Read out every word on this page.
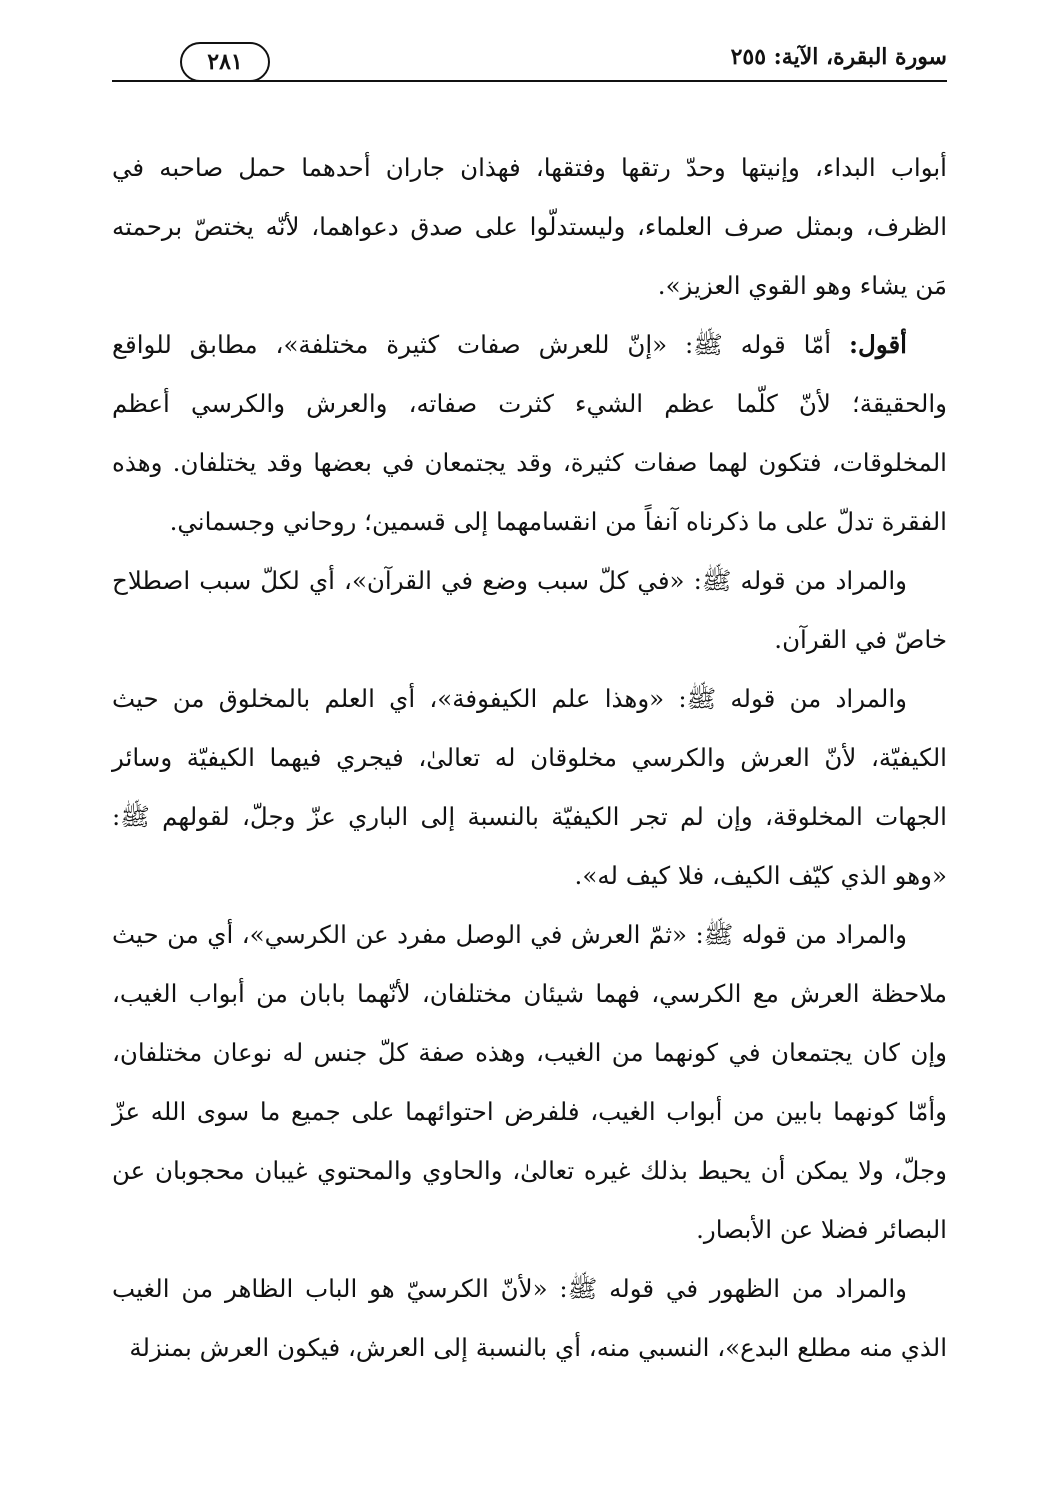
سورة البقرة، الآية: ٢٥٥
٢٨١

أبواب البداء، وإنيتها وحدّ رتقها وفتقها، فهذان جاران أحدهما حمل صاحبه في الظرف، وبمثل صرف العلماء، وليستدلّوا على صدق دعواهما، لأنّه يختصّ برحمته مَن يشاء وهو القوي العزيز».

أقول: أمّا قوله ﷺ: «إنّ للعرش صفات كثيرة مختلفة»، مطابق للواقع والحقيقة؛ لأنّ كلّما عظم الشيء كثرت صفاته، والعرش والكرسي أعظم المخلوقات، فتكون لهما صفات كثيرة، وقد يجتمعان في بعضها وقد يختلفان. وهذه الفقرة تدلّ على ما ذكرناه آنفاً من انقسامهما إلى قسمين؛ روحاني وجسماني.

والمراد من قوله ﷺ: «في كلّ سبب وضع في القرآن»، أي لكلّ سبب اصطلاح خاصّ في القرآن.

والمراد من قوله ﷺ: «وهذا علم الكيفوفة»، أي العلم بالمخلوق من حيث الكيفيّة، لأنّ العرش والكرسي مخلوقان له تعالىٰ، فيجري فيهما الكيفيّة وسائر الجهات المخلوقة، وإن لم تجر الكيفيّة بالنسبة إلى الباري عزّ وجلّ، لقولهم ﷺ: «وهو الذي كيّف الكيف، فلا كيف له».

والمراد من قوله ﷺ: «ثمّ العرش في الوصل مفرد عن الكرسي»، أي من حيث ملاحظة العرش مع الكرسي، فهما شيئان مختلفان، لأنّهما بابان من أبواب الغيب، وإن كان يجتمعان في كونهما من الغيب، وهذه صفة كلّ جنس له نوعان مختلفان، وأمّا كونهما بابين من أبواب الغيب، فلفرض احتوائهما على جميع ما سوى الله عزّ وجلّ، ولا يمكن أن يحيط بذلك غيره تعالىٰ، والحاوي والمحتوي غيبان محجوبان عن البصائر فضلا عن الأبصار.

والمراد من الظهور في قوله ﷺ: «لأنّ الكرسيّ هو الباب الظاهر من الغيب الذي منه مطلع البدع»، النسبي منه، أي بالنسبة إلى العرش، فيكون العرش بمنزلة
